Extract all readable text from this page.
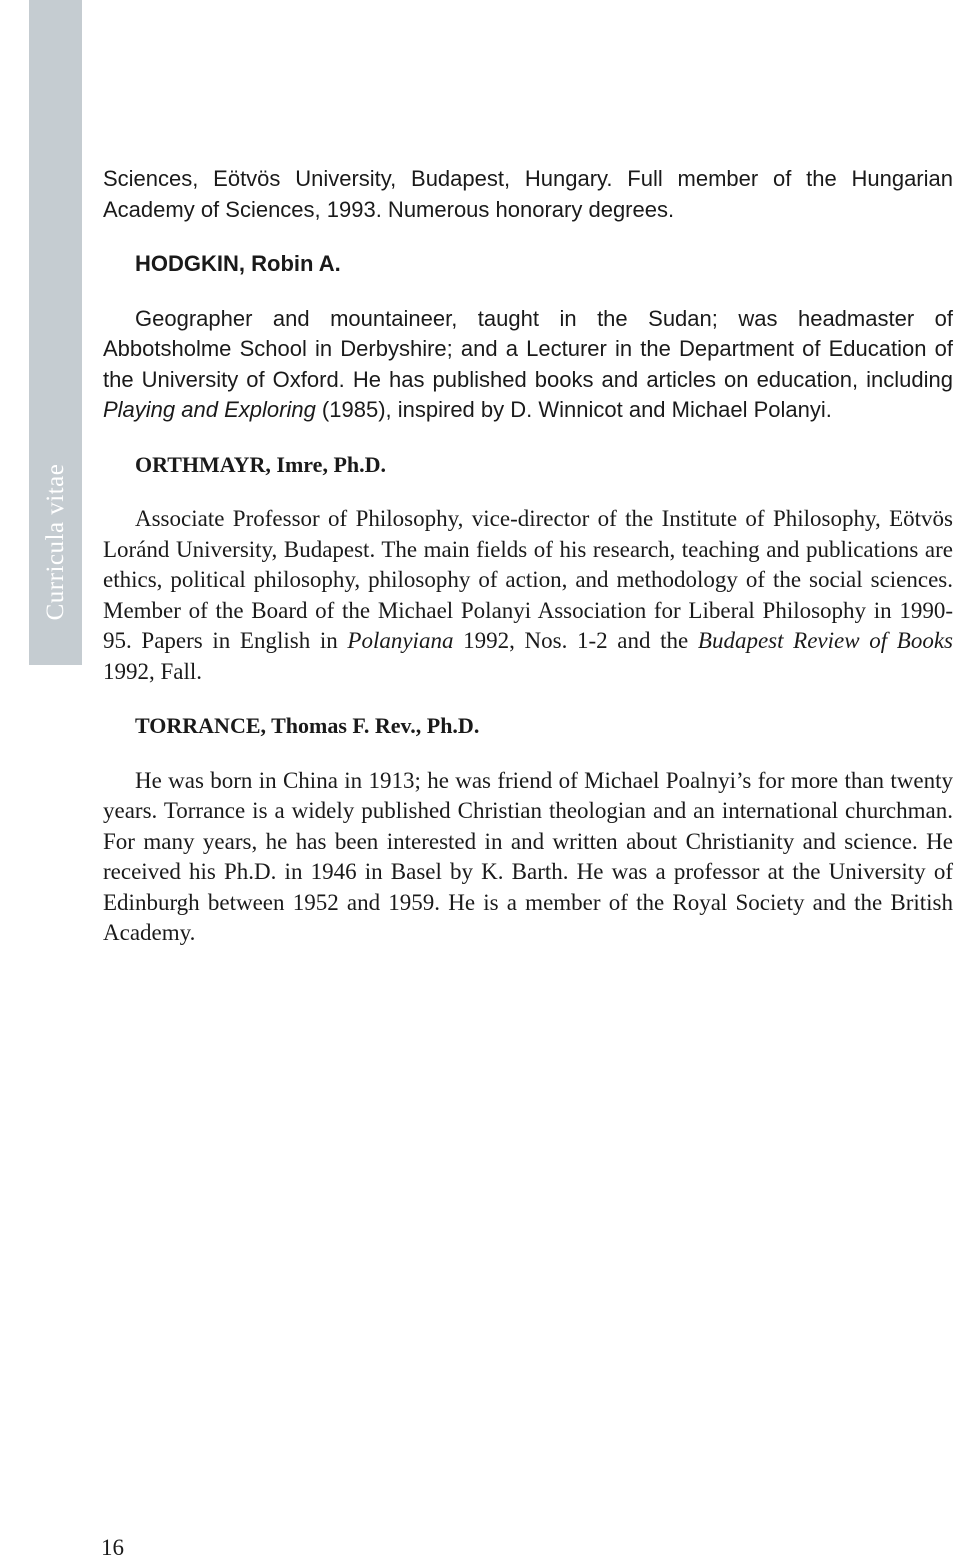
Curricula vitae

Sciences, Eötvös University, Budapest, Hungary. Full member of the Hungarian Academy of Sciences, 1993. Numerous honorary degrees.

HODGKIN, Robin A.

Geographer and mountaineer, taught in the Sudan; was headmaster of Abbotsholme School in Derbyshire; and a Lecturer in the Department of Education of the University of Oxford. He has published books and articles on education, including Playing and Exploring (1985), inspired by D. Winnicot and Michael Polanyi.

ORTHMAYR, Imre, Ph.D.

Associate Professor of Philosophy, vice-director of the Institute of Philosophy, Eötvös Loránd University, Budapest. The main fields of his research, teaching and publications are ethics, political philosophy, philosophy of action, and methodology of the social sciences. Member of the Board of the Michael Polanyi Association for Liberal Philosophy in 1990-95. Papers in English in Polanyiana 1992, Nos. 1-2 and the Budapest Review of Books 1992, Fall.

TORRANCE, Thomas F. Rev., Ph.D.

He was born in China in 1913; he was friend of Michael Poalnyi’s for more than twenty years. Torrance is a widely published Christian theologian and an international churchman. For many years, he has been interested in and written about Christianity and science. He received his Ph.D. in 1946 in Basel by K. Barth. He was a professor at the University of Edinburgh between 1952 and 1959. He is a member of the Royal Society and the British Academy.

16
